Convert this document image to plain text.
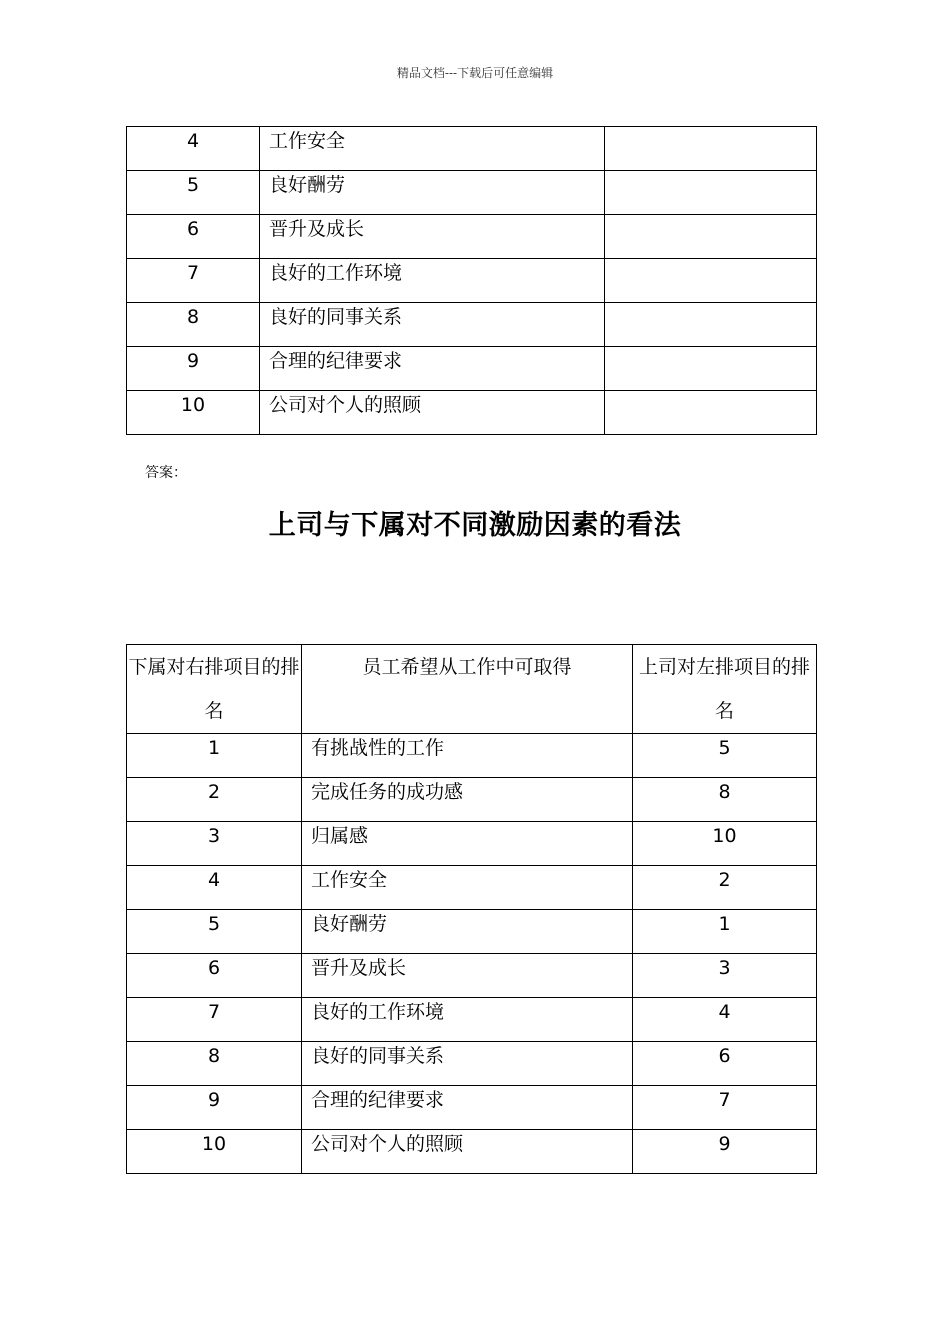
精品文档---下载后可任意编辑
4	工作安全	
5	良好酬劳	
6	晋升及成长	
7	良好的工作环境	
8	良好的同事关系	
9	合理的纪律要求	
10	公司对个人的照顾	
答案：
上司与下属对不同激励因素的看法
下属对右排项目的排名	员工希望从工作中可取得	上司对左排项目的排名
1	有挑战性的工作	5
2	完成任务的成功感	8
3	归属感	10
4	工作安全	2
5	良好酬劳	1
6	晋升及成长	3
7	良好的工作环境	4
8	良好的同事关系	6
9	合理的纪律要求	7
10	公司对个人的照顾	9
